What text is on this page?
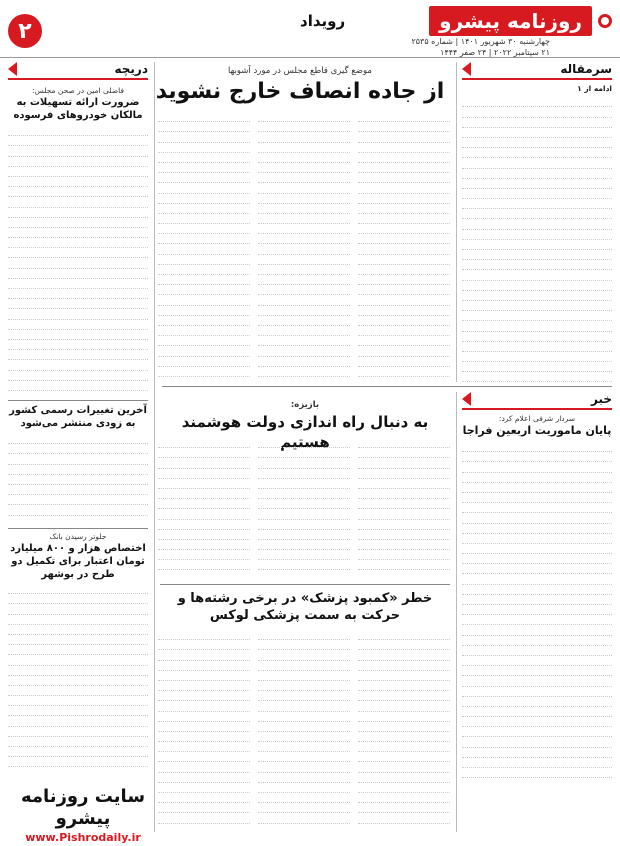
۲	رویداد	روزنامه پیشرو
چهارشنبه ۳۰ شهریور ۱۴۰۱ | شماره ۲۵۳۵
۲۱ سپتامبر ۲۰۲۲ | ۲۴ صفر ۱۴۴۴
سرمقاله
ادامه از ۱
موضع گیری قاطع مجلس در مورد آشوبها
از جاده انصاف خارج نشوید
دریچه
فاضلی امین در صحن مجلس:
ضرورت ارائه تسهیلات به مالکان خودروهای فرسوده
آخرین تغییرات رسمی کشور به زودی منتشر می‌شود
جلوتر رسیدن بانک
اختصاص هزار و ۸۰۰ میلیارد تومان اعتبار برای تکمیل دو طرح در بوشهر
خبر
سردار شرفی اعلام کرد:
پایان ماموریت اربعین فراجا
بازیزه:
به دنبال راه اندازی دولت هوشمند هستیم
خطر «کمبود پزشک» در برخی رشته‌ها و حرکت به سمت پزشکی لوکس
سایت روزنامه پیشرو
www.Pishrodaily.ir
